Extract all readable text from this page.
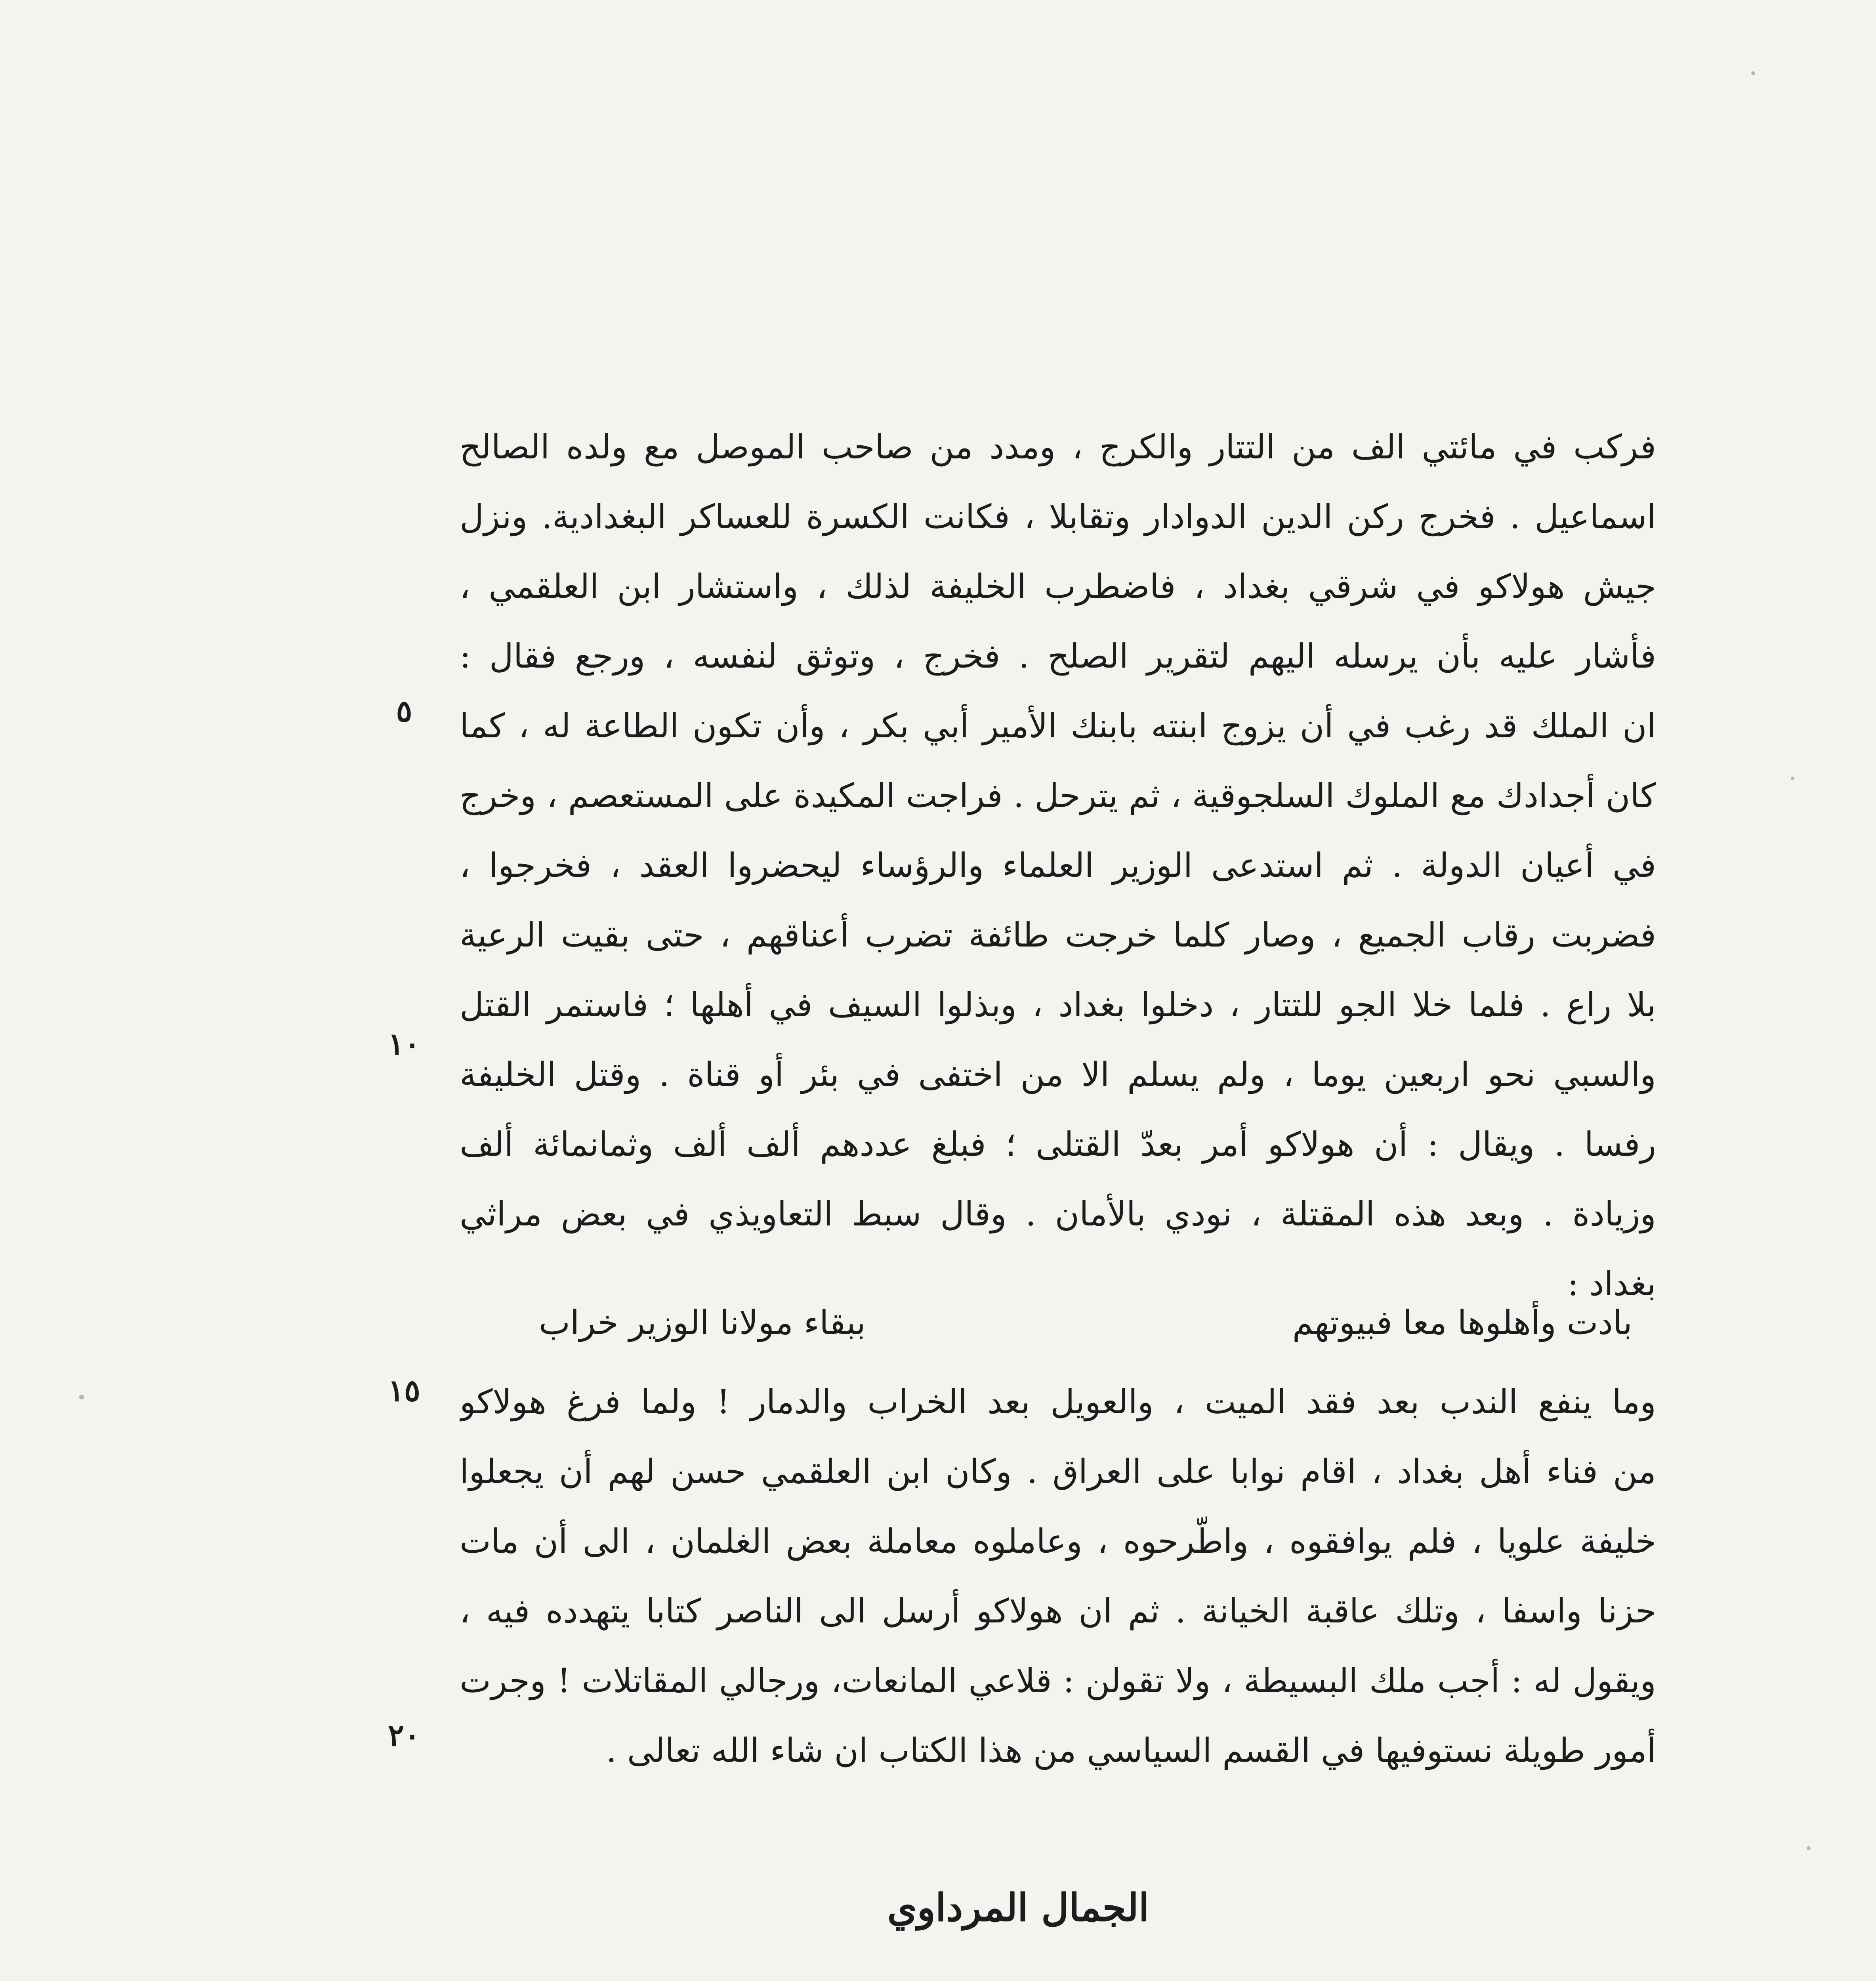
فركب في مائتي الف من التتار والكرج ، ومدد من صاحب الموصل مع ولده الصالح
اسماعيل . فخرج ركن الدين الدوادار وتقابلا ، فكانت الكسرة للعساكر البغدادية. ونزل
جيش هولاكو في شرقي بغداد ، فاضطرب الخليفة لذلك ، واستشار ابن العلقمي ،
فأشار عليه بأن يرسله اليهم لتقرير الصلح . فخرج ، وتوثق لنفسه ، ورجع فقال :
ان الملك قد رغب في أن يزوج ابنته بابنك الأمير أبي بكر ، وأن تكون الطاعة له ، كما
كان أجدادك مع الملوك السلجوقية ، ثم يترحل . فراجت المكيدة على المستعصم ، وخرج
في أعيان الدولة . ثم استدعى الوزير العلماء والرؤساء ليحضروا العقد ، فخرجوا ،
فضربت رقاب الجميع ، وصار كلما خرجت طائفة تضرب أعناقهم ، حتى بقيت الرعية
بلا راع . فلما خلا الجو للتتار ، دخلوا بغداد ، وبذلوا السيف في أهلها ؛ فاستمر القتل
والسبي نحو اربعين يوما ، ولم يسلم الا من اختفى في بئر أو قناة . وقتل الخليفة
رفسا . ويقال : أن هولاكو أمر بعدّ القتلى ؛ فبلغ عددهم ألف ألف وثمانمائة ألف
وزيادة . وبعد هذه المقتلة ، نودي بالأمان . وقال سبط التعاويذي في بعض مراثي
بغداد :
بادت وأهلوها معا فبيوتهم
ببقاء مولانا الوزير خراب
وما ينفع الندب بعد فقد الميت ، والعويل بعد الخراب والدمار ! ولما فرغ هولاكو
من فناء أهل بغداد ، اقام نوابا على العراق . وكان ابن العلقمي حسن لهم أن يجعلوا
خليفة علويا ، فلم يوافقوه ، واطّرحوه ، وعاملوه معاملة بعض الغلمان ، الى أن مات
حزنا واسفا ، وتلك عاقبة الخيانة . ثم ان هولاكو أرسل الى الناصر كتابا يتهدده فيه ،
ويقول له : أجب ملك البسيطة ، ولا تقولن : قلاعي المانعات، ورجالي المقاتلات ! وجرت
أمور طويلة نستوفيها في القسم السياسي من هذا الكتاب ان شاء الله تعالى .
٥
١٠
١٥
٢٠
الجمال المرداوي
